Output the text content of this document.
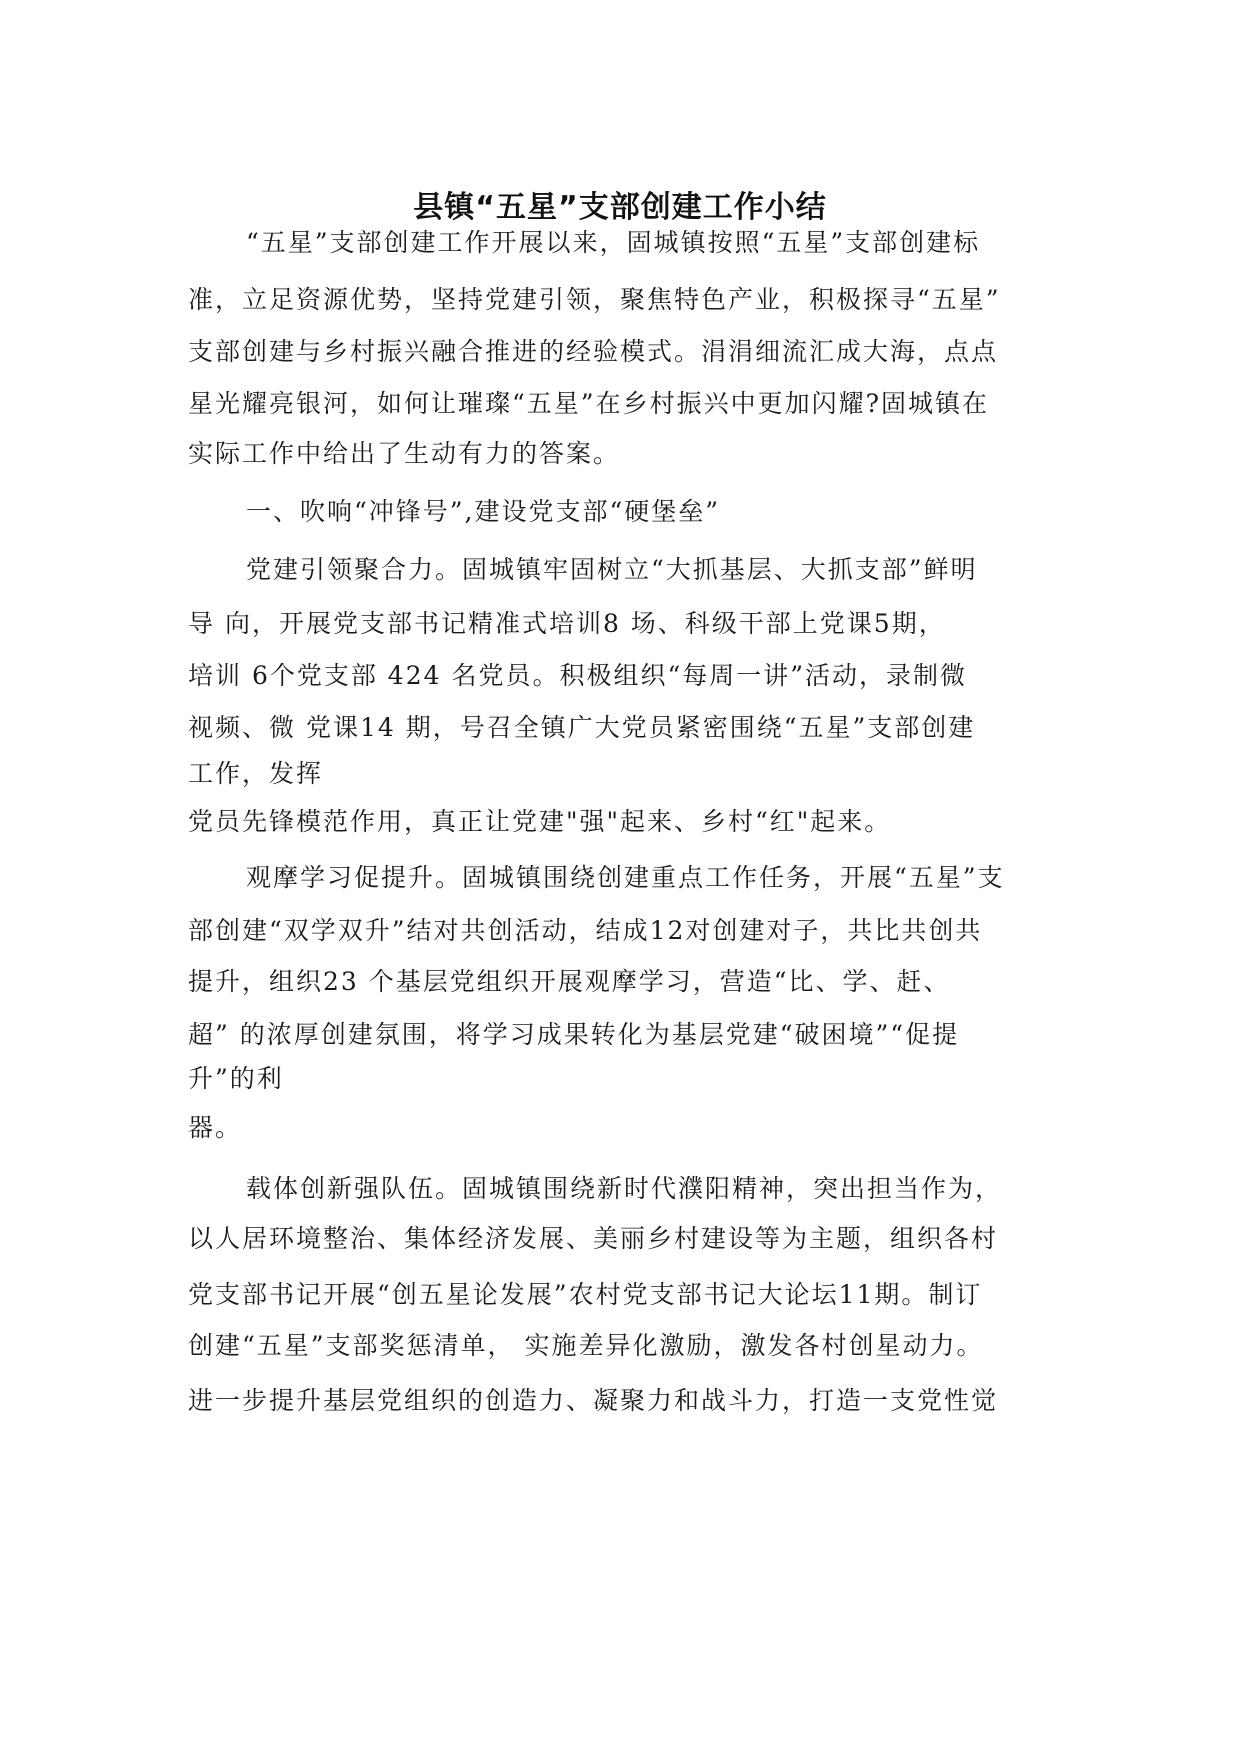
县镇“五星”支部创建工作小结
“五星”支部创建工作开展以来，固城镇按照“五星”支部创建标
准，立足资源优势，坚持党建引领，聚焦特色产业，积极探寻“五星”
支部创建与乡村振兴融合推进的经验模式。涓涓细流汇成大海，点点
星光耀亮银河，如何让璀璨“五星”在乡村振兴中更加闪耀?固城镇在
实际工作中给出了生动有力的答案。
一、吹响“冲锋号”,建设党支部“硬堡垒”
党建引领聚合力。固城镇牢固树立“大抓基层、大抓支部”鲜明
导 向，开展党支部书记精准式培训8 场、科级干部上党课5期，
培训 6个党支部 424 名党员。积极组织“每周一讲”活动，录制微
视频、微 党课14 期，号召全镇广大党员紧密围绕“五星”支部创建
工作，发挥
党员先锋模范作用，真正让党建"强"起来、乡村“红"起来。
观摩学习促提升。固城镇围绕创建重点工作任务，开展“五星”支
部创建“双学双升”结对共创活动，结成12对创建对子，共比共创共
提升，组织23 个基层党组织开展观摩学习，营造“比、学、赶、
超” 的浓厚创建氛围，将学习成果转化为基层党建“破困境”“促提
升”的利
器。
载体创新强队伍。固城镇围绕新时代濮阳精神，突出担当作为，
以人居环境整治、集体经济发展、美丽乡村建设等为主题，组织各村
党支部书记开展“创五星论发展”农村党支部书记大论坛11期。制订
创建“五星”支部奖惩清单， 实施差异化激励，激发各村创星动力。
进一步提升基层党组织的创造力、凝聚力和战斗力，打造一支党性觉
